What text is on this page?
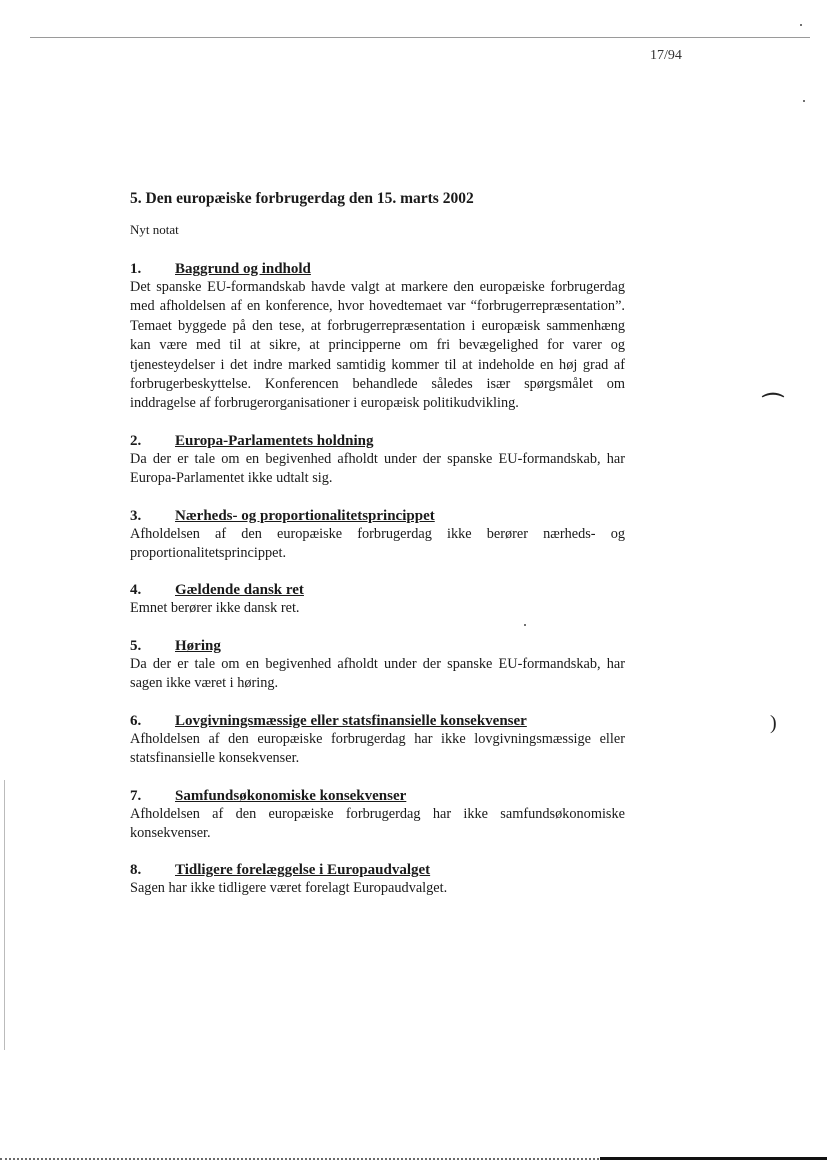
17/94
⌒
)
5. Den europæiske forbrugerdag den 15. marts 2002

Nyt notat

1.	Baggrund og indhold

Det spanske EU-formandskab havde valgt at markere den europæiske forbrugerdag med afholdelsen af en konference, hvor hovedtemaet var “forbrugerrepræsentation”. Temaet byggede på den tese, at forbrugerrepræsentation i europæisk sammenhæng kan være med til at sikre, at principperne om fri bevægelighed for varer og tjenesteydelser i det indre marked samtidig kommer til at indeholde en høj grad af forbrugerbeskyttelse. Konferencen behandlede således især spørgsmålet om inddragelse af forbrugerorganisationer i europæisk politikudvikling.

2.	Europa-Parlamentets holdning

Da der er tale om en begivenhed afholdt under der spanske EU-formandskab, har Europa-Parlamentet ikke udtalt sig.

3.	Nærheds- og proportionalitetsprincippet

Afholdelsen af den europæiske forbrugerdag ikke berører nærheds- og proportionalitetsprincippet.

4.	Gældende dansk ret

Emnet berører ikke dansk ret.

5.	Høring

Da der er tale om en begivenhed afholdt under der spanske EU-formandskab, har sagen ikke været i høring.

6.	Lovgivningsmæssige eller statsfinansielle konsekvenser

Afholdelsen af den europæiske forbrugerdag har ikke lovgivningsmæssige eller statsfinansielle konsekvenser.

7.	Samfundsøkonomiske konsekvenser

Afholdelsen af den europæiske forbrugerdag har ikke samfundsøkonomiske konsekvenser.

8.	Tidligere forelæggelse i Europaudvalget

Sagen har ikke tidligere været forelagt Europaudvalget.
